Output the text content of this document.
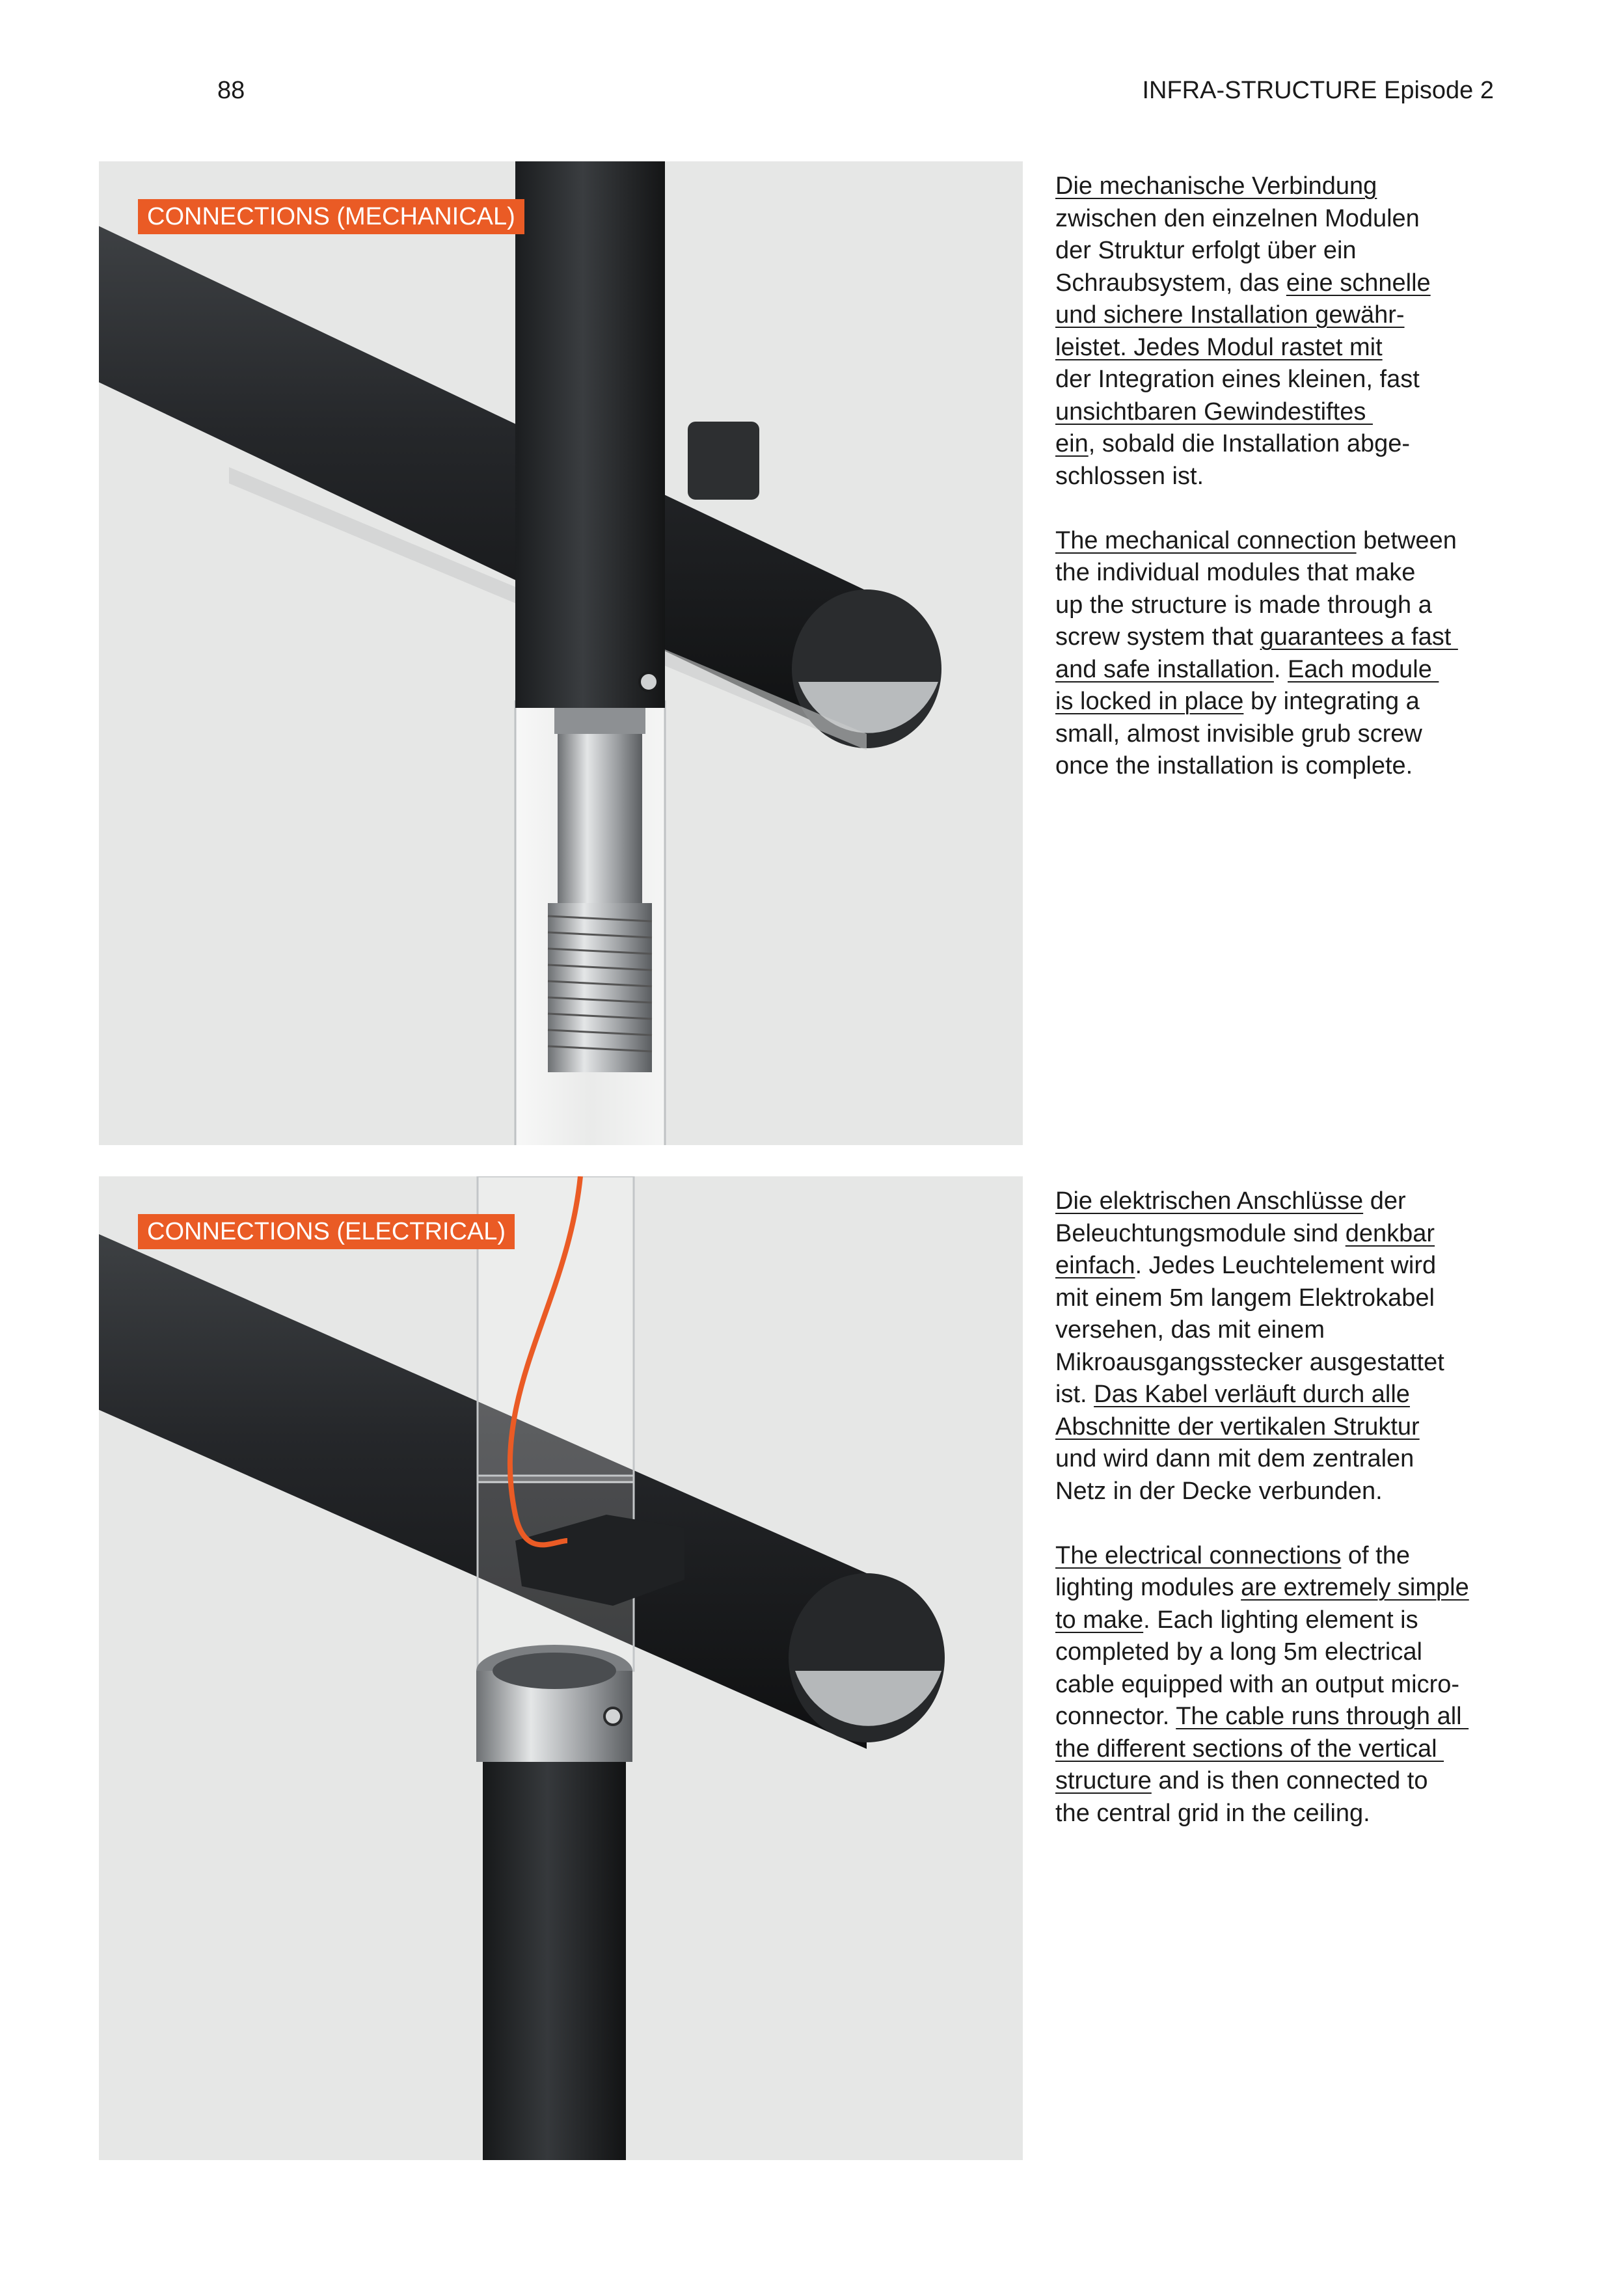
88	INFRA-STRUCTURE Episode 2
CONNECTIONS (MECHANICAL)
CONNECTIONS (ELECTRICAL)
Die mechanische Verbindung
zwischen den einzelnen Modulen
der Struktur erfolgt über ein
Schraubsystem, das eine schnelle
und sichere Installation gewähr-
leistet. Jedes Modul rastet mit
der Integration eines kleinen, fast
unsichtbaren Gewindestiftes
ein, sobald die Installation abge-
schlossen ist.
The mechanical connection between
the individual modules that make
up the structure is made through a
screw system that guarantees a fast
and safe installation. Each module
is locked in place by integrating a
small, almost invisible grub screw
once the installation is complete.
Die elektrischen Anschlüsse der
Beleuchtungsmodule sind denkbar
einfach. Jedes Leuchtelement wird
mit einem 5m langem Elektrokabel
versehen, das mit einem
Mikroausgangsstecker ausgestattet
ist. Das Kabel verläuft durch alle
Abschnitte der vertikalen Struktur
und wird dann mit dem zentralen
Netz in der Decke verbunden.
The electrical connections of the
lighting modules are extremely simple
to make. Each lighting element is
completed by a long 5m electrical
cable equipped with an output micro-
connector. The cable runs through all
the different sections of the vertical
structure and is then connected to
the central grid in the ceiling.
